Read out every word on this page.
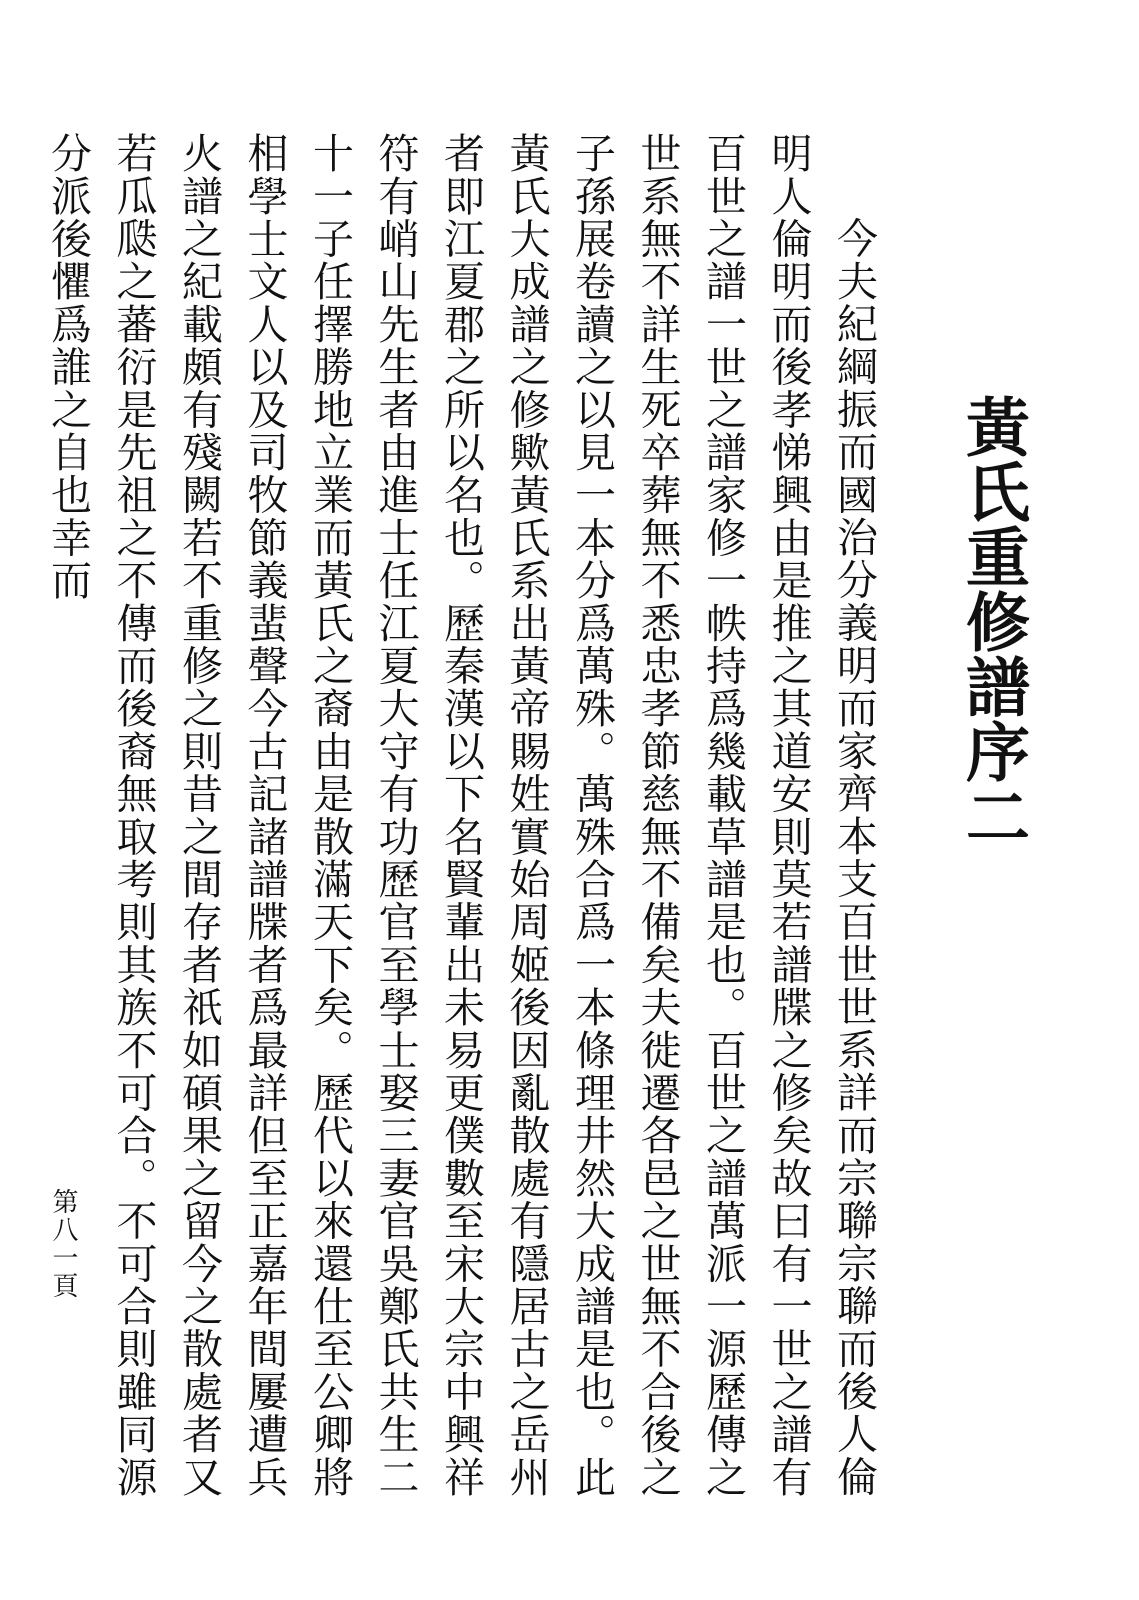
黃氏重修譜序二

今夫紀綱振而國治分義明而家齊本支百世世系詳而宗聯宗聯而後人倫明人倫明而後孝悌興由是推之其道安則莫若譜牒之修矣故曰有一世之譜有百世之譜一世之譜家修一帙持爲幾載草譜是也。百世之譜萬派一源歷傳之世系無不詳生死卒葬無不悉忠孝節慈無不備矣夫徙遷各邑之世無不合後之子孫展卷讀之以見一本分爲萬殊。萬殊合爲一本條理井然大成譜是也。此黃氏大成譜之修歟黃氏系出黃帝賜姓實始周姬後因亂散處有隱居古之岳州者即江夏郡之所以名也。歷秦漢以下名賢輩出未易更僕數至宋大宗中興祥符有峭山先生者由進士任江夏大守有功歷官至學士娶三妻官吳鄭氏共生二十一子任擇勝地立業而黃氏之裔由是散滿天下矣。歷代以來還仕至公卿將相學士文人以及司牧節義蜚聲今古記諸譜牒者爲最詳但至正嘉年間屢遭兵火譜之紀載頗有殘闕若不重修之則昔之間存者祇如碩果之留今之散處者又若瓜瓞之蕃衍是先祖之不傳而後裔無取考則其族不可合。不可合則雖同源分派後懼爲誰之自也幸而

第八一頁
